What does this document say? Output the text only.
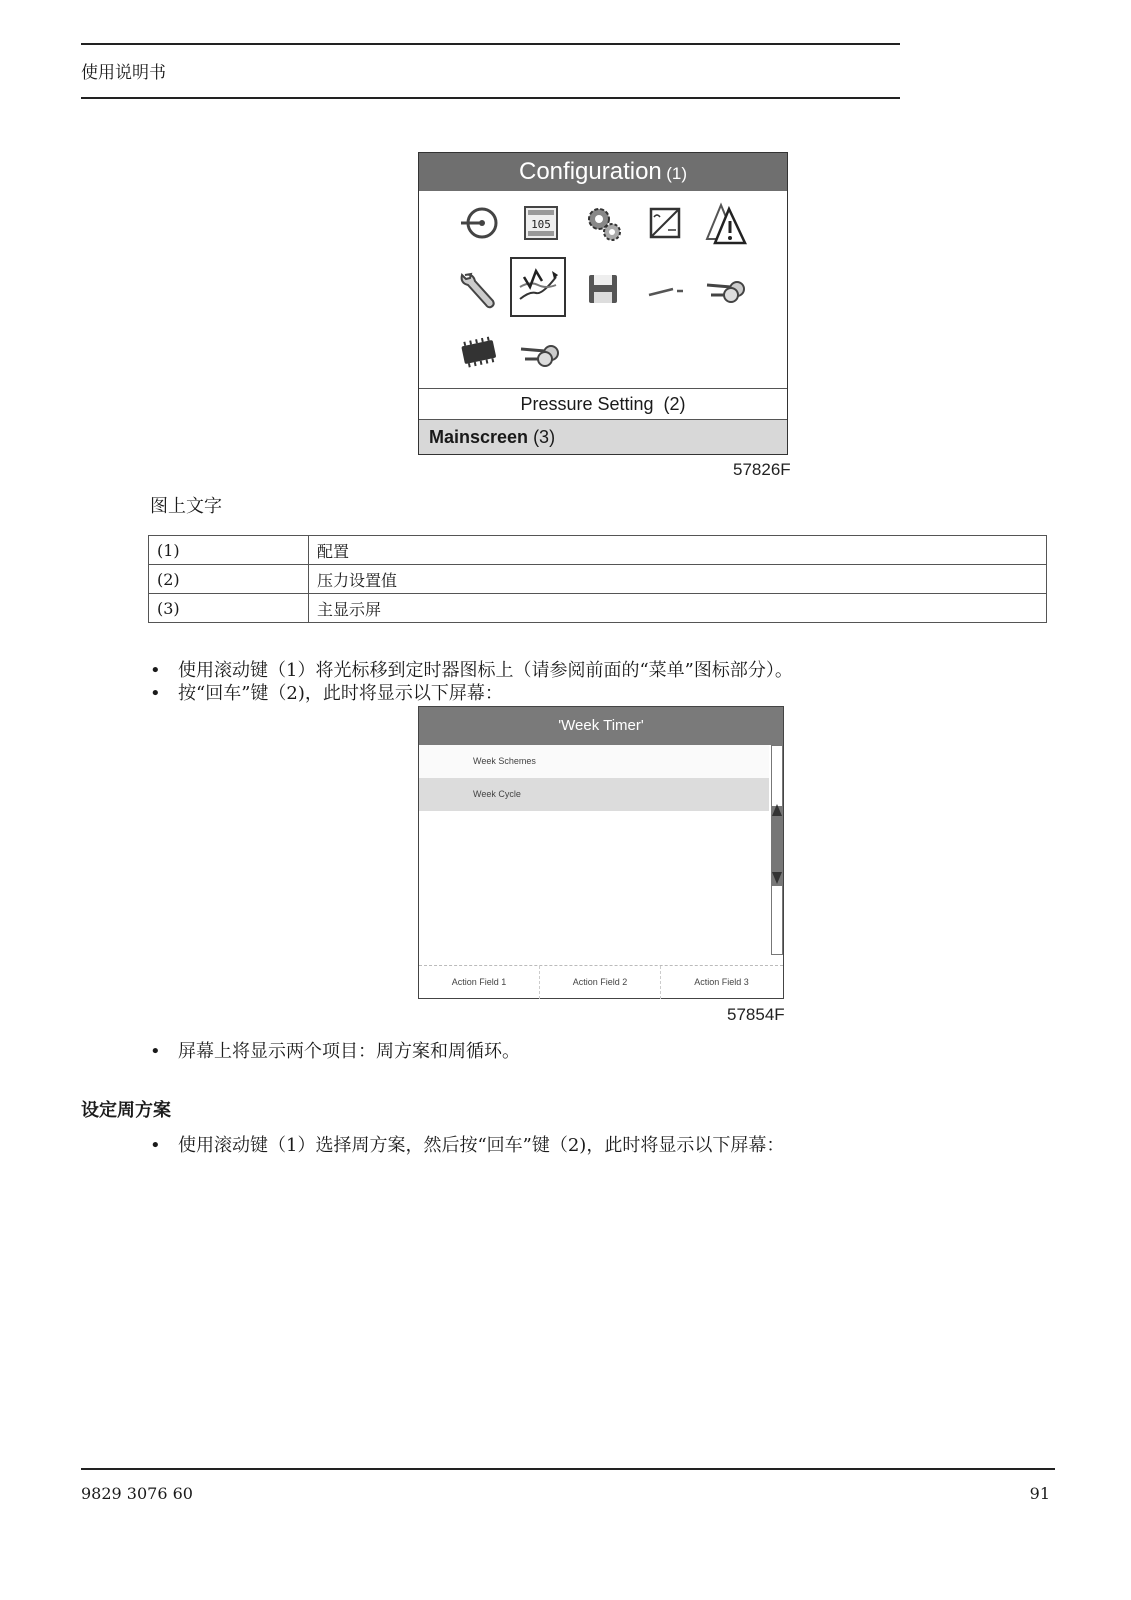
使用说明书
Configuration (1)
105
Pressure Setting (2)
Mainscreen (3)
57826F
图上文字
(1)	配置
(2)	压力设置值
(3)	主显示屏
• 使用滚动键（1）将光标移到定时器图标上（请参阅前面的“菜单”图标部分）。
• 按“回车”键（2)，此时将显示以下屏幕：
'Week Timer'
Week Schemes
Week Cycle
Action Field 1	Action Field 2	Action Field 3
57854F
• 屏幕上将显示两个项目：周方案和周循环。
设定周方案
• 使用滚动键（1）选择周方案，然后按“回车”键（2)，此时将显示以下屏幕：
9829 3076 60	91
